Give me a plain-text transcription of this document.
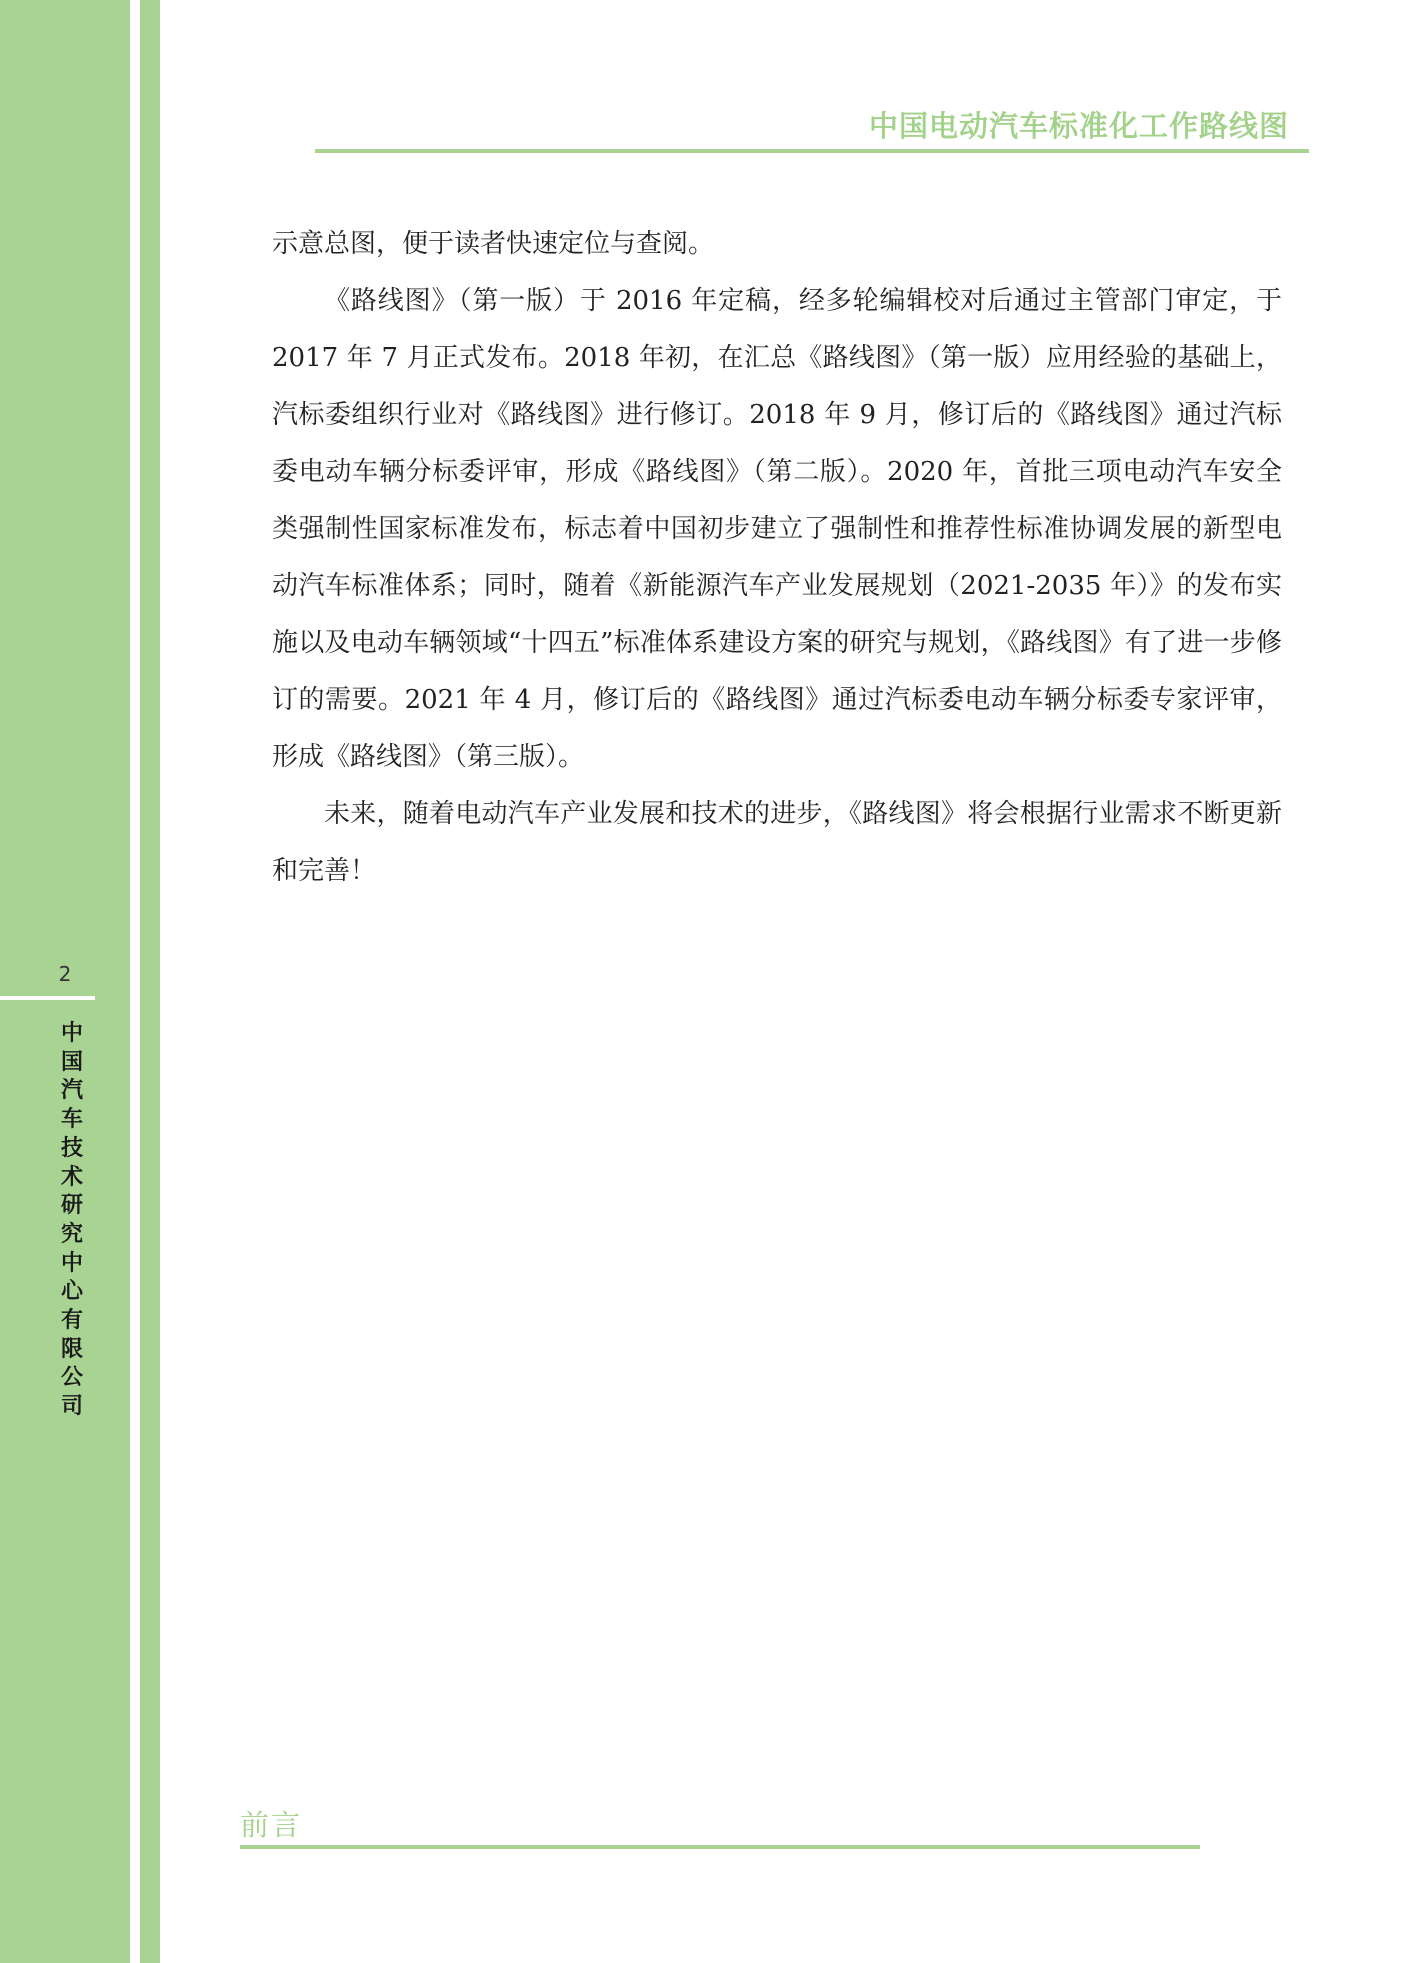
2
中
国
汽
车
技
术
研
究
中
心
有
限
公
司
中国电动汽车标准化工作路线图

示意总图，便于读者快速定位与查阅。

《路线图》（第一版）于 2016 年定稿，经多轮编辑校对后通过主管部门审定，于 2017 年 7 月正式发布。2018 年初，在汇总《路线图》（第一版）应用经验的基础上，汽标委组织行业对《路线图》进行修订。2018 年 9 月，修订后的《路线图》通过汽标委电动车辆分标委评审，形成《路线图》（第二版）。2020 年，首批三项电动汽车安全类强制性国家标准发布，标志着中国初步建立了强制性和推荐性标准协调发展的新型电动汽车标准体系；同时，随着《新能源汽车产业发展规划（2021-2035 年）》的发布实施以及电动车辆领域“十四五”标准体系建设方案的研究与规划，《路线图》有了进一步修订的需要。2021 年 4 月，修订后的《路线图》通过汽标委电动车辆分标委专家评审，形成《路线图》（第三版）。

未来，随着电动汽车产业发展和技术的进步，《路线图》将会根据行业需求不断更新和完善！

前言
